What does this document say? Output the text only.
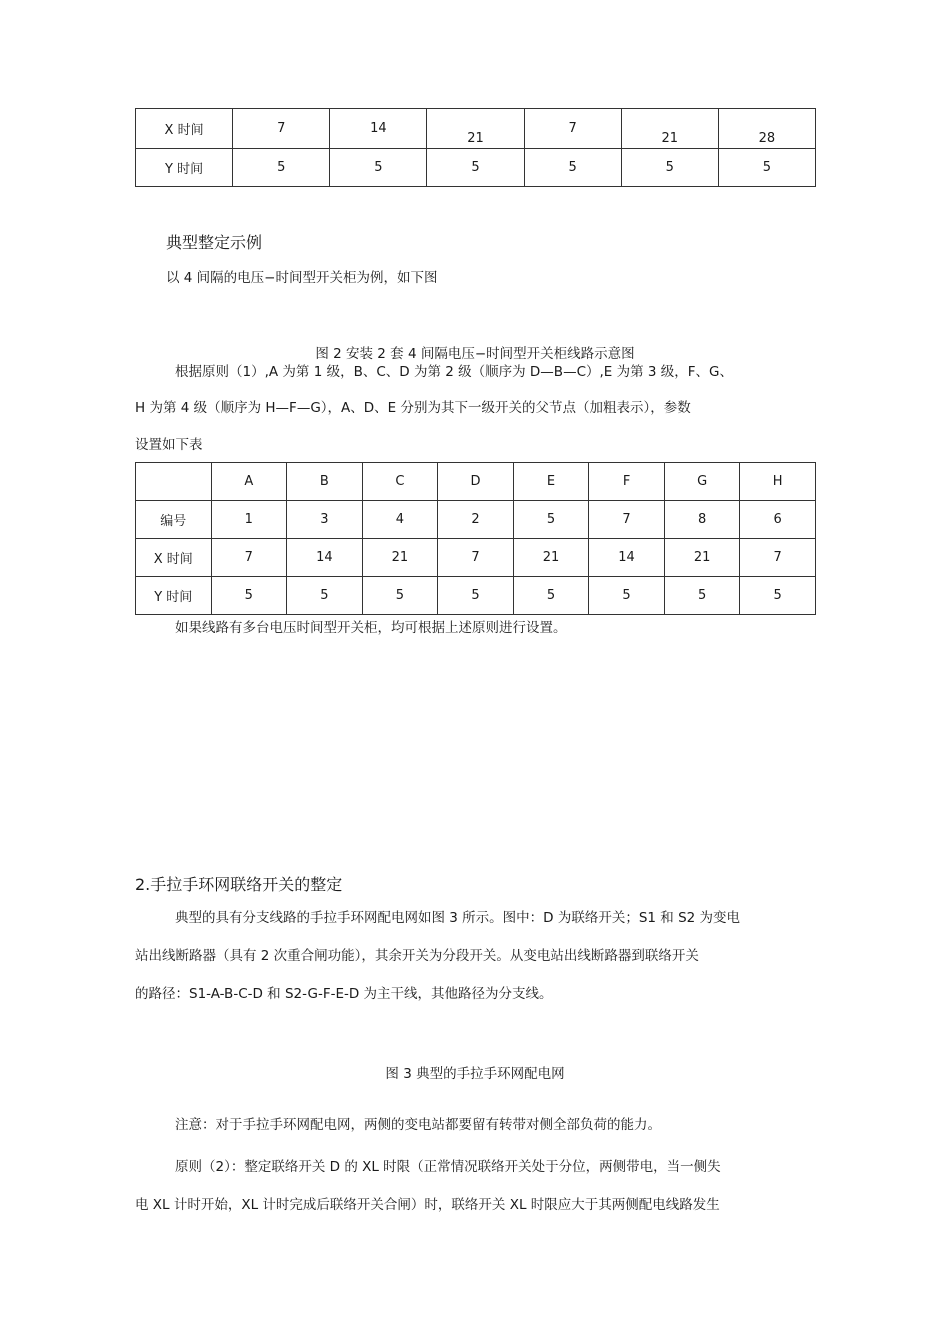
X 时间	7	14	21	7	21	28
Y 时间	5	5	5	5	5	5
典型整定示例
以 4 间隔的电压−时间型开关柜为例，如下图
图 2 安装 2 套 4 间隔电压−时间型开关柜线路示意图
根据原则（1）,A 为第 1 级，B、C、D 为第 2 级（顺序为 D—B—C）,E 为第 3 级，F、G、
H 为第 4 级（顺序为 H—F—G），A、D、E 分别为其下一级开关的父节点（加粗表示），参数
设置如下表
	A	B	C	D	E	F	G	H
编号	1	3	4	2	5	7	8	6
X 时间	7	14	21	7	21	14	21	7
Y 时间	5	5	5	5	5	5	5	5
如果线路有多台电压时间型开关柜，均可根据上述原则进行设置。
2.手拉手环网联络开关的整定
典型的具有分支线路的手拉手环网配电网如图 3 所示。图中：D 为联络开关；S1 和 S2 为变电
站出线断路器（具有 2 次重合闸功能），其余开关为分段开关。从变电站出线断路器到联络开关
的路径：S1-A-B-C-D 和 S2-G-F-E-D 为主干线，其他路径为分支线。
图 3 典型的手拉手环网配电网
注意：对于手拉手环网配电网，两侧的变电站都要留有转带对侧全部负荷的能力。
原则（2）：整定联络开关 D 的 XL 时限（正常情况联络开关处于分位，两侧带电，当一侧失
电 XL 计时开始，XL 计时完成后联络开关合闸）时，联络开关 XL 时限应大于其两侧配电线路发生
